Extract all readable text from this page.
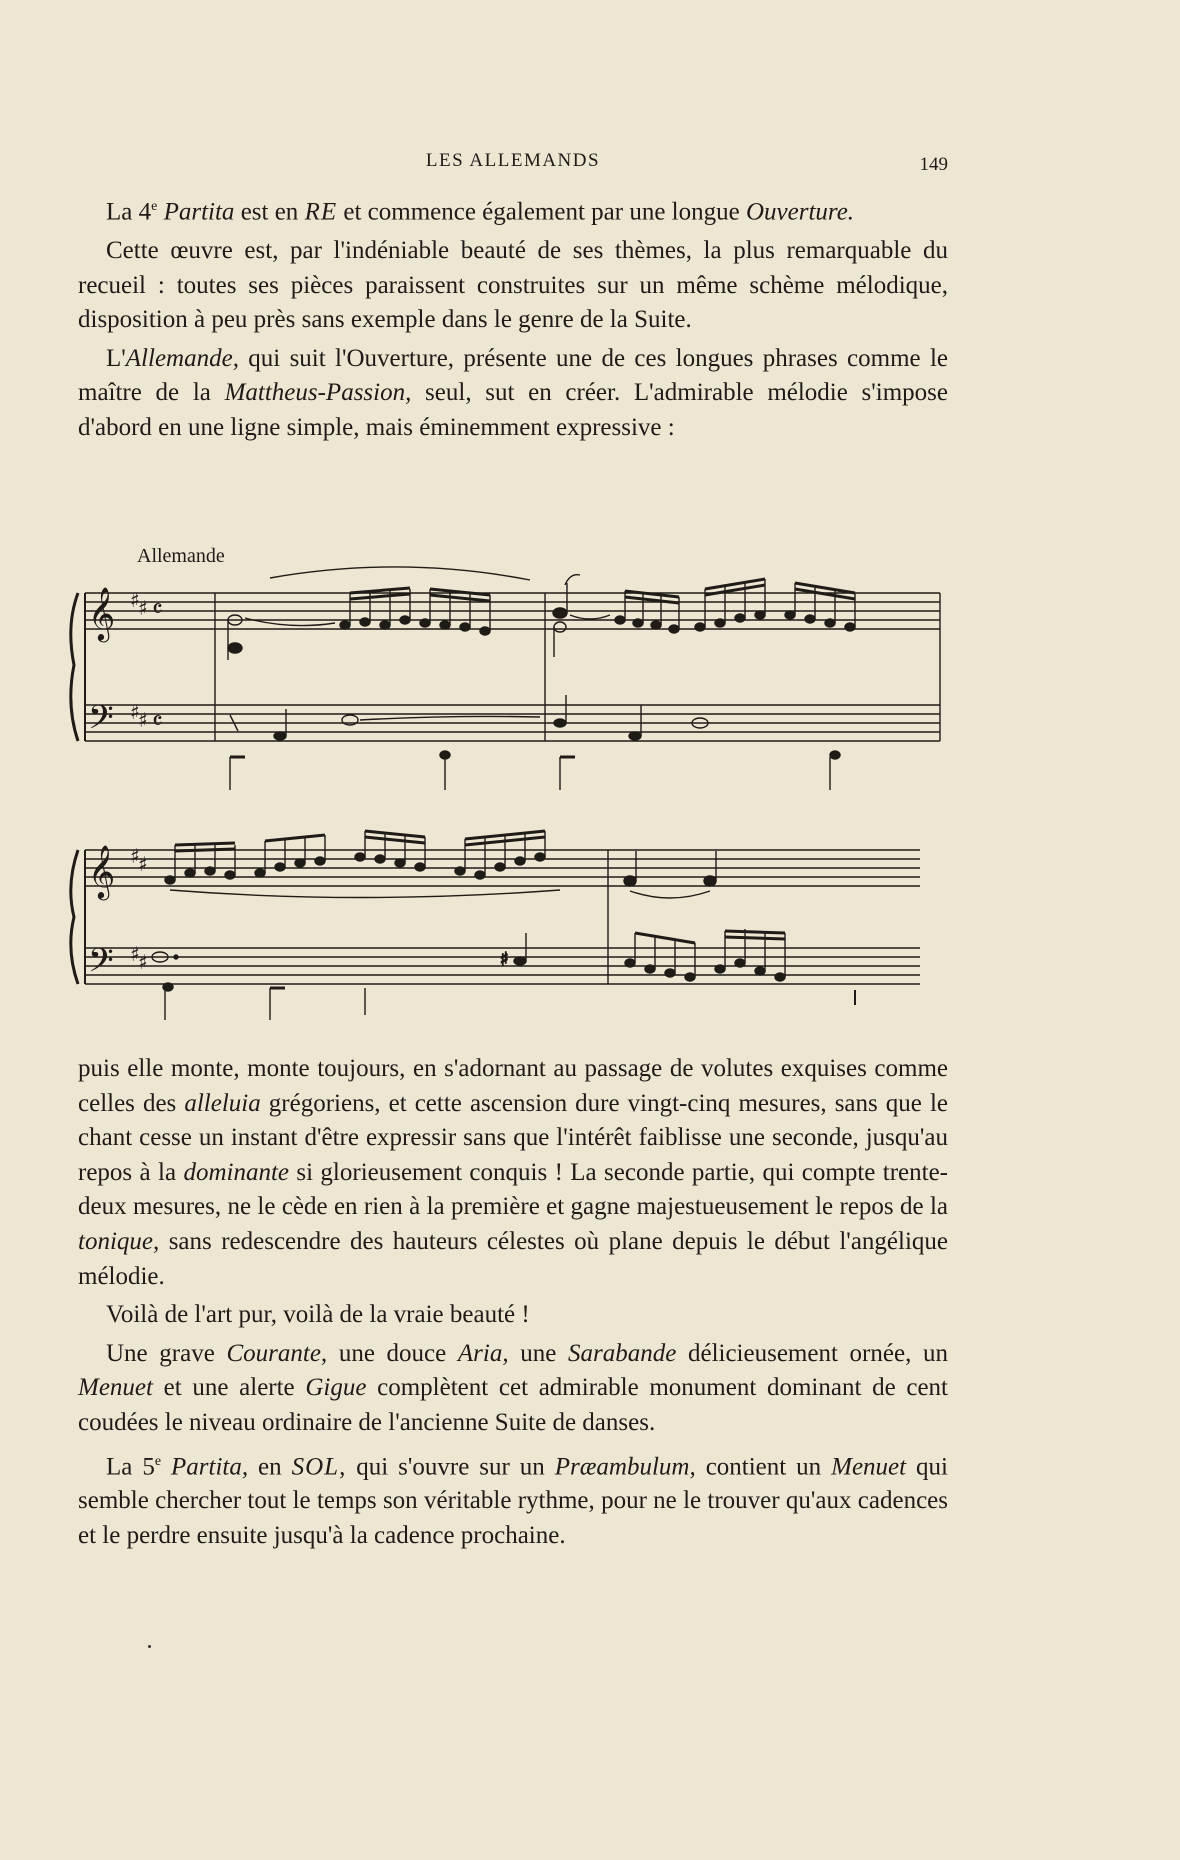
LES ALLEMANDS	149

La 4e Partita est en RE et commence également par une longue Ouverture.

Cette œuvre est, par l'indéniable beauté de ses thèmes, la plus remarquable du recueil : toutes ses pièces paraissent construites sur un même schème mélodique, disposition à peu près sans exemple dans le genre de la Suite.

L'Allemande, qui suit l'Ouverture, présente une de ces longues phrases comme le maître de la Mattheus-Passion, seul, sut en créer. L'admirable mélodie s'impose d'abord en une ligne simple, mais éminemment expressive :

Allemande
𝄞
𝄢
♯
♯
♯
♯
𝄴
𝄴
𝄞
𝄢
♯
♯
♯
♯	♯

puis elle monte, monte toujours, en s'adornant au passage de volutes exquises comme celles des alleluia grégoriens, et cette ascension dure vingt-cinq mesures, sans que le chant cesse un instant d'être expressir sans que l'intérêt faiblisse une seconde, jusqu'au repos à la dominante si glorieusement conquis ! La seconde partie, qui compte trente-deux mesures, ne le cède en rien à la première et gagne majestueusement le repos de la tonique, sans redescendre des hauteurs célestes où plane depuis le début l'angélique mélodie.

Voilà de l'art pur, voilà de la vraie beauté !

Une grave Courante, une douce Aria, une Sarabande délicieusement ornée, un Menuet et une alerte Gigue complètent cet admirable monument dominant de cent coudées le niveau ordinaire de l'ancienne Suite de danses.

La 5e Partita, en SOL, qui s'ouvre sur un Præambulum, contient un Menuet qui semble chercher tout le temps son véritable rythme, pour ne le trouver qu'aux cadences et le perdre ensuite jusqu'à la cadence prochaine.
